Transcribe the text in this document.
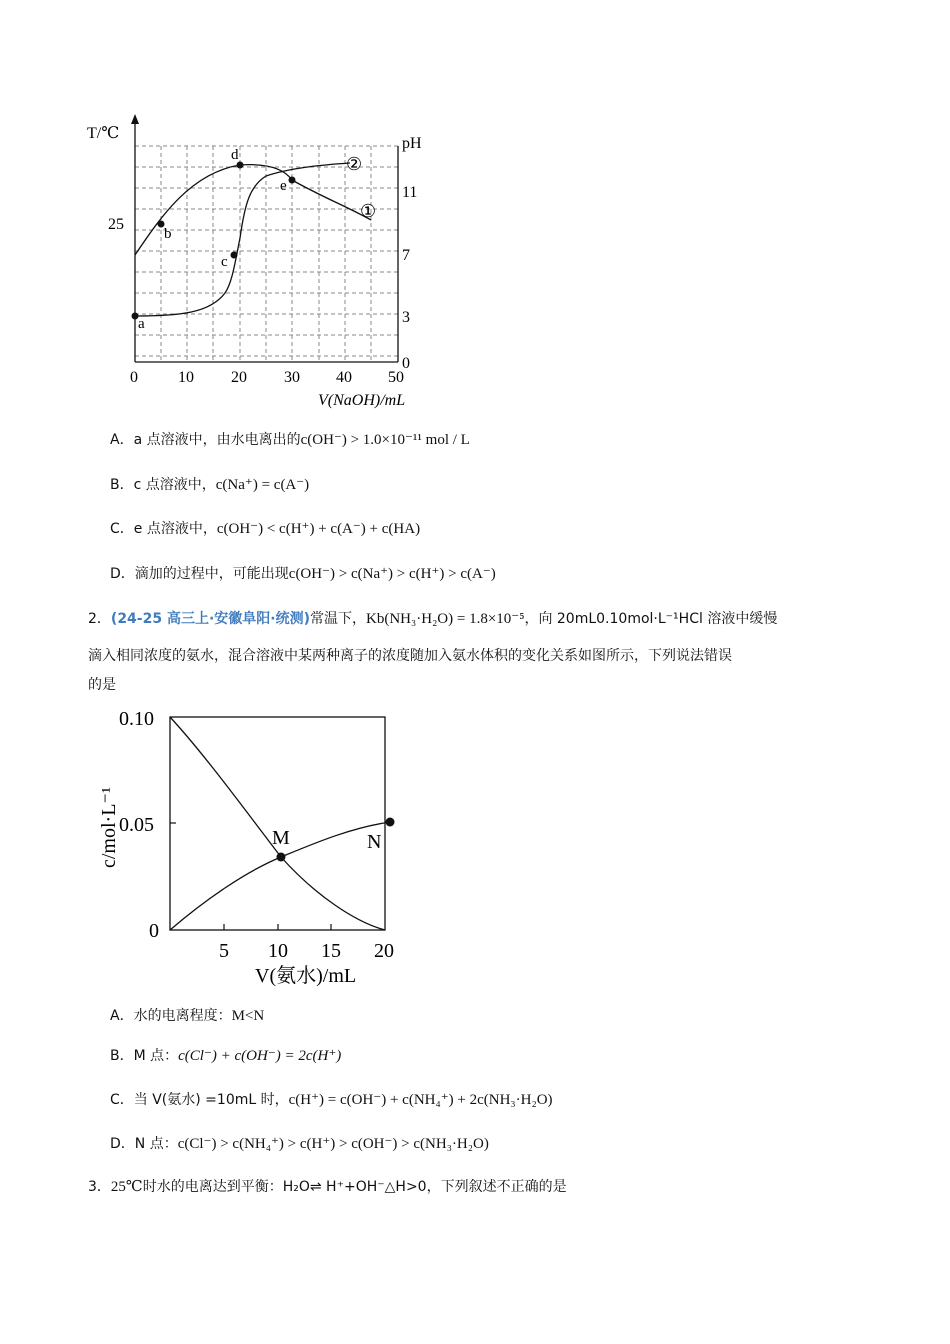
T/℃
25
pH
11
7
3
0
0	10 20 30 40 50
V(NaOH)/mL
a
b
c
d
e
①
②
A．a 点溶液中，由水电离出的c(OH⁻) > 1.0×10⁻¹¹ mol / L
B．c 点溶液中，c(Na⁺) = c(A⁻)
C．e 点溶液中，c(OH⁻) < c(H⁺) + c(A⁻) + c(HA)
D．滴加的过程中，可能出现c(OH⁻) > c(Na⁺) > c(H⁺) > c(A⁻)
2．(24-25 高三上·安徽阜阳·统测)常温下，Kb(NH₃·H₂O) = 1.8×10⁻⁵，向 20mL0.10mol·L⁻¹HCl 溶液中缓慢
滴入相同浓度的氨水，混合溶液中某两种离子的浓度随加入氨水体积的变化关系如图所示，下列说法错误
的是
0.10
0.05
0
5 10 15 20
V(氨水)/mL
c/mol·L⁻¹	M	N
A．水的电离程度：M<N
B．M 点：c(Cl⁻) + c(OH⁻) = 2c(H⁺)
C．当 V(氨水) =10mL 时，c(H⁺) = c(OH⁻) + c(NH₄⁺) + 2c(NH₃·H₂O)
D．N 点：c(Cl⁻) > c(NH₄⁺) > c(H⁺) > c(OH⁻) > c(NH₃·H₂O)
3．25℃时水的电离达到平衡：H₂O⇌ H⁺+OH⁻△H>0，下列叙述不正确的是
